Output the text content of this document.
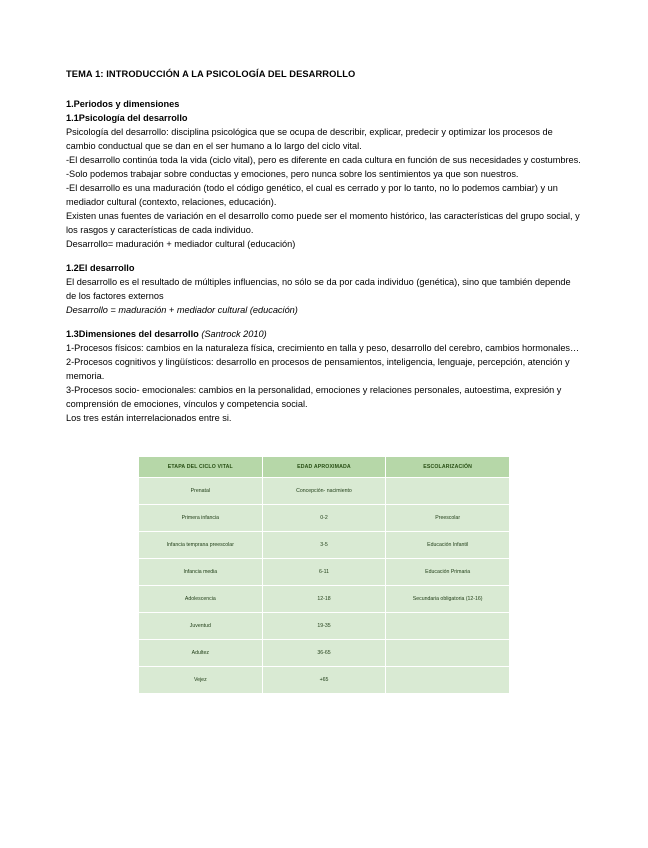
TEMA 1: INTRODUCCIÓN A LA PSICOLOGÍA DEL DESARROLLO

1.Periodos y dimensiones

1.1Psicología del desarrollo

Psicología del desarrollo: disciplina psicológica que se ocupa de describir, explicar, predecir y optimizar los procesos de cambio conductual que se dan en el ser humano a lo largo del ciclo vital.

-El desarrollo continúa toda la vida (ciclo vital), pero es diferente en cada cultura en función de sus necesidades y costumbres.

-Solo podemos trabajar sobre conductas y emociones, pero nunca sobre los sentimientos ya que son nuestros.

-El desarrollo es una maduración (todo el código genético, el cual es cerrado y por lo tanto, no lo podemos cambiar) y un mediador cultural (contexto, relaciones, educación).

Existen unas fuentes de variación en el desarrollo como puede ser el momento histórico, las características del grupo social, y los rasgos y características de cada individuo.

Desarrollo= maduración + mediador cultural (educación)

1.2El desarrollo

El desarrollo es el resultado de múltiples influencias, no sólo se da por cada individuo (genética), sino que también depende de los factores externos

Desarrollo = maduración + mediador cultural (educación)

1.3Dimensiones del desarrollo (Santrock 2010)

1-Procesos físicos: cambios en la naturaleza física, crecimiento en talla y peso, desarrollo del cerebro, cambios hormonales…

2-Procesos cognitivos y lingüísticos: desarrollo en procesos de pensamientos, inteligencia, lenguaje, percepción, atención y memoria.

3-Procesos socio- emocionales: cambios en la personalidad, emociones y relaciones personales, autoestima, expresión y comprensión de emociones, vínculos y competencia social.

Los tres están interrelacionados entre si.

ETAPA DEL CICLO VITAL	EDAD APROXIMADA	ESCOLARIZACIÓN
Prenatal	Concepción- nacimiento	
Primera infancia	0-2	Preescolar
Infancia temprana preescolar	3-5	Educación Infantil
Infancia media	6-11	Educación Primaria
Adolescencia	12-18	Secundaria obligatoria (12-16)
Juventud	19-35	
Adultez	36-65	
Vejez	+65	
